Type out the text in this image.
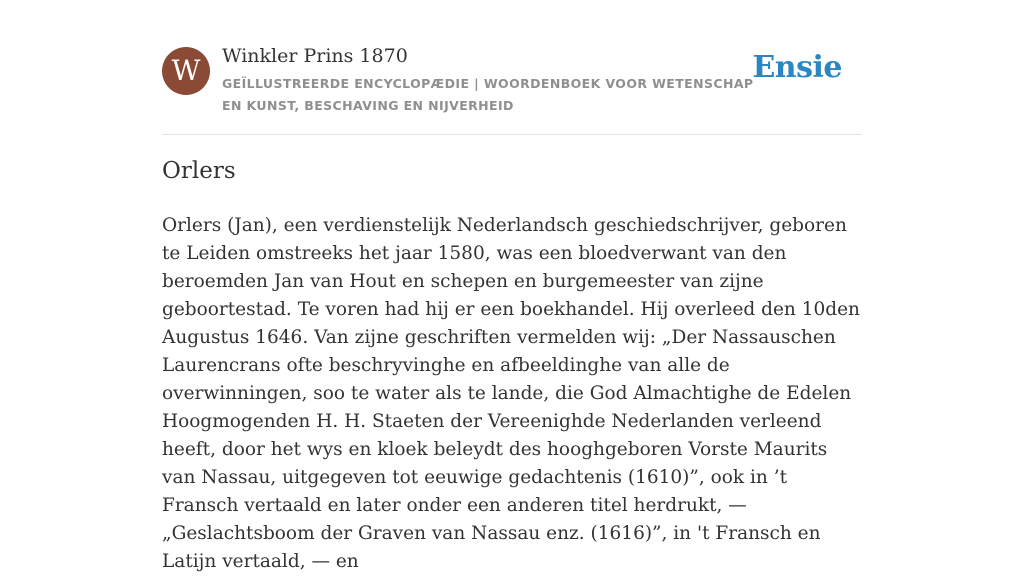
W	Winkler Prins 1870
GEÏLLUSTREERDE ENCYCLOPÆDIE | WOORDENBOEK VOOR WETENSCHAP EN KUNST, BESCHAVING EN NIJVERHEID
Ensie
Orlers

Orlers (Jan), een verdienstelijk Nederlandsch geschiedschrijver, geboren te Leiden omstreeks het jaar 1580, was een bloedverwant van den beroemden Jan van Hout en schepen en burgemeester van zijne geboortestad. Te voren had hij er een boekhandel. Hij overleed den 10den Augustus 1646. Van zijne geschriften vermelden wij: „Der Nassauschen Laurencrans ofte beschryvinghe en afbeeldinghe van alle de overwinningen, soo te water als te lande, die God Almachtighe de Edelen Hoogmogenden H. H. Staeten der Vereenighde Nederlanden verleend heeft, door het wys en kloek beleydt des hooghgeboren Vorste Maurits van Nassau, uitgegeven tot eeuwige gedachtenis (1610)”, ook in ’t Fransch vertaald en later onder een anderen titel herdrukt, — „Geslachtsboom der Graven van Nassau enz. (1616)”, in 't Fransch en Latijn vertaald, — en
